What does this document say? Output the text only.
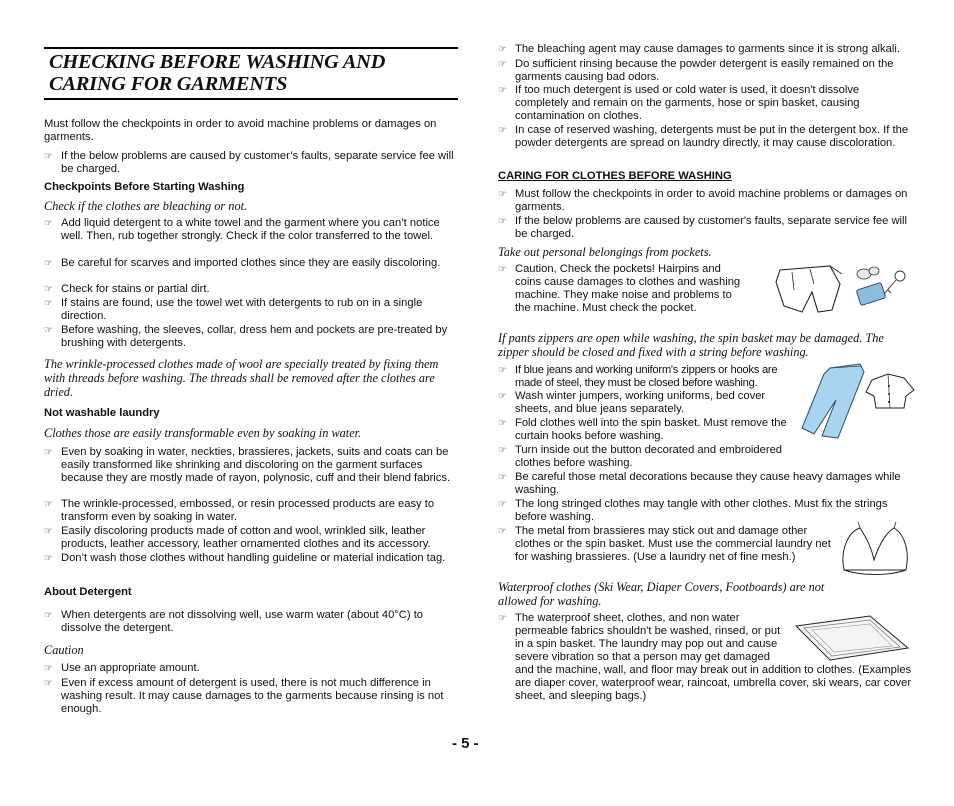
CHECKING BEFORE WASHING AND
CARING FOR GARMENTS
Must follow the checkpoints in order to avoid machine problems or damages on garments.
☞ If the below problems are caused by customer’s faults, separate service fee will be charged.
Checkpoints Before Starting Washing
Check if the clothes are bleaching or not.
☞ Add liquid detergent to a white towel and the garment where you can’t notice well. Then, rub together strongly. Check if the color transferred to the towel.
☞ Be careful for scarves and imported clothes since they are easily discoloring.
☞ Check for stains or partial dirt.
☞ If stains are found, use the towel wet with detergents to rub on in a single direction.
☞ Before washing, the sleeves, collar, dress hem and pockets are pre-treated by brushing with detergents.
The wrinkle-processed clothes made of wool are specially treated by fixing them with threads before washing. The threads shall be removed after the clothes are dried.
Not washable laundry
Clothes those are easily transformable even by soaking in water.
☞ Even by soaking in water, neckties, brassieres, jackets, suits and coats can be easily transformed like shrinking and discoloring on the garment surfaces because they are mostly made of rayon, polynosic, cuff and their blend fabrics.
☞ The wrinkle-processed, embossed, or resin processed products are easy to transform even by soaking in water.
☞ Easily discoloring products made of cotton and wool, wrinkled silk, leather products, leather accessory, leather ornamented clothes and its accessory.
☞ Don’t wash those clothes without handling guideline or material indication tag.
About Detergent
☞ When detergents are not dissolving well, use warm water (about 40°C) to dissolve the detergent.
Caution
☞ Use an appropriate amount.
☞ Even if excess amount of detergent is used, there is not much difference in washing result. It may cause damages to the garments because rinsing is not enough.
☞ The bleaching agent may cause damages to garments since it is strong alkali.
☞ Do sufficient rinsing because the powder detergent is easily remained on the garments causing bad odors.
☞ If too much detergent is used or cold water is used, it doesn't dissolve completely and remain on the garments, hose or spin basket, causing contamination on clothes.
☞ In case of reserved washing, detergents must be put in the detergent box. If the powder detergents are spread on laundry directly, it may cause discoloration.
CARING FOR CLOTHES BEFORE WASHING
☞ Must follow the checkpoints in order to avoid machine problems or damages on garments.
☞ If the below problems are caused by customer's faults, separate service fee will be charged.
Take out personal belongings from pockets.
☞ Caution, Check the pockets! Hairpins and coins cause damages to clothes and washing machine. They make noise and problems to the machine. Must check the pocket.
If pants zippers are open while washing, the spin basket may be damaged. The zipper should be closed and fixed with a string before washing.
☞ If blue jeans and working uniform's zippers or hooks are made of steel, they must be closed before washing.
☞ Wash winter jumpers, working uniforms, bed cover sheets, and blue jeans separately.
☞ Fold clothes well into the spin basket. Must remove the curtain hooks before washing.
☞ Turn inside out the button decorated and embroidered clothes before washing.
☞ Be careful those metal decorations because they cause heavy damages while washing.
☞ The long stringed clothes may tangle with other clothes. Must fix the strings before washing.
☞ The metal from brassieres may stick out and damage other clothes or the spin basket. Must use the commercial laundry net for washing brassieres. (Use a laundry net of fine mesh.)
Waterproof clothes (Ski Wear, Diaper Covers, Footboards) are not allowed for washing.
☞ The waterproof sheet, clothes, and non water permeable fabrics shouldn't be washed, rinsed, or put in a spin basket. The laundry may pop out and cause severe vibration so that a person may get damaged and the machine, wall, and floor may break out in addition to clothes. (Examples are diaper cover, waterproof wear, raincoat, umbrella cover, ski wears, car cover sheet, and sleeping bags.)
- 5 -
